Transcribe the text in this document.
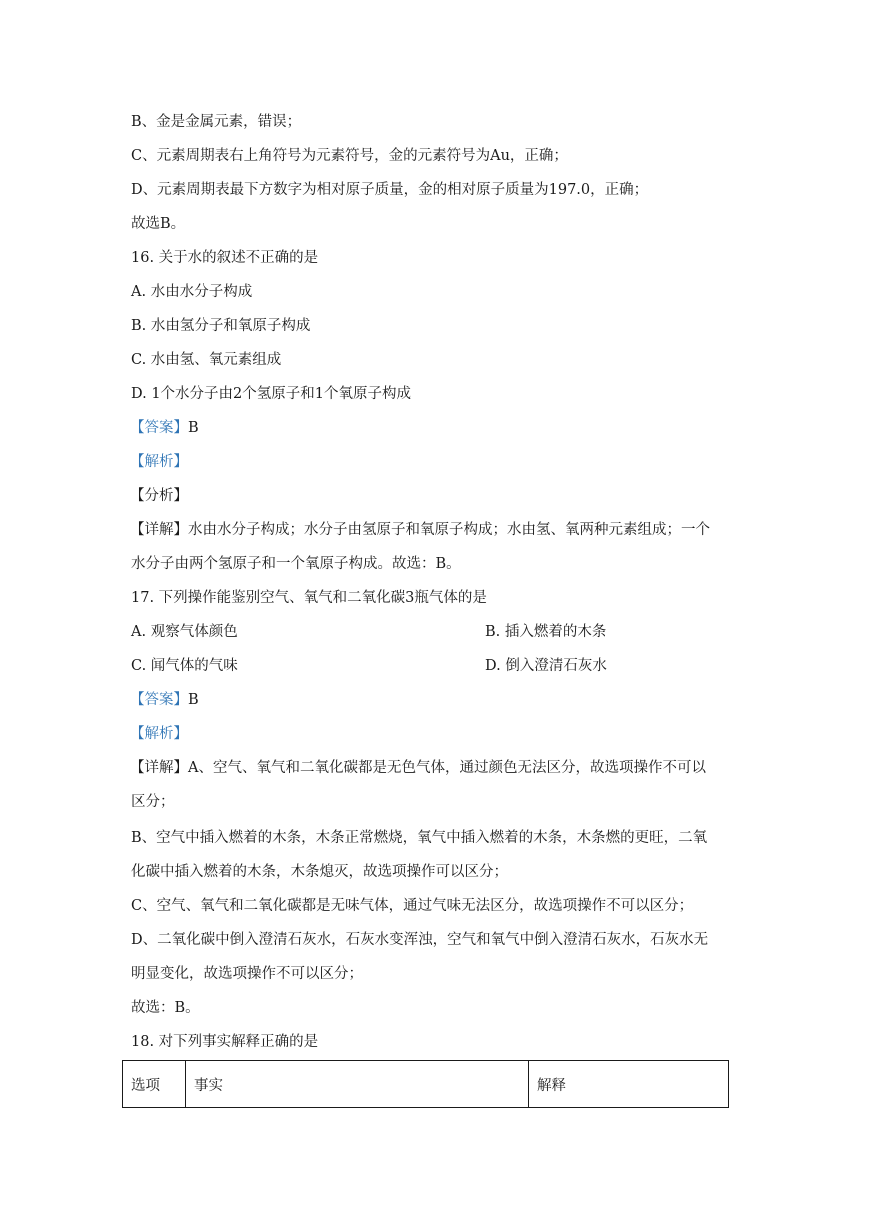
B、金是金属元素，错误；
C、元素周期表右上角符号为元素符号，金的元素符号为Au，正确；
D、元素周期表最下方数字为相对原子质量，金的相对原子质量为197.0，正确；
故选B。
16. 关于水的叙述不正确的是
A. 水由水分子构成
B. 水由氢分子和氧原子构成
C. 水由氢、氧元素组成
D. 1个水分子由2个氢原子和1个氧原子构成
【答案】B
【解析】
【分析】
【详解】水由水分子构成；水分子由氢原子和氧原子构成；水由氢、氧两种元素组成；一个
水分子由两个氢原子和一个氧原子构成。故选：B。
17. 下列操作能鉴别空气、氧气和二氧化碳3瓶气体的是
A. 观察气体颜色	B. 插入燃着的木条
C. 闻气体的气味	D. 倒入澄清石灰水
【答案】B
【解析】
【详解】A、空气、氧气和二氧化碳都是无色气体，通过颜色无法区分，故选项操作不可以
区分；
B、空气中插入燃着的木条，木条正常燃烧，氧气中插入燃着的木条，木条燃的更旺，二氧
化碳中插入燃着的木条，木条熄灭，故选项操作可以区分；
C、空气、氧气和二氧化碳都是无味气体，通过气味无法区分，故选项操作不可以区分；
D、二氧化碳中倒入澄清石灰水，石灰水变浑浊，空气和氧气中倒入澄清石灰水，石灰水无
明显变化，故选项操作不可以区分；
故选：B。
18. 对下列事实解释正确的是
选项	事实	解释
